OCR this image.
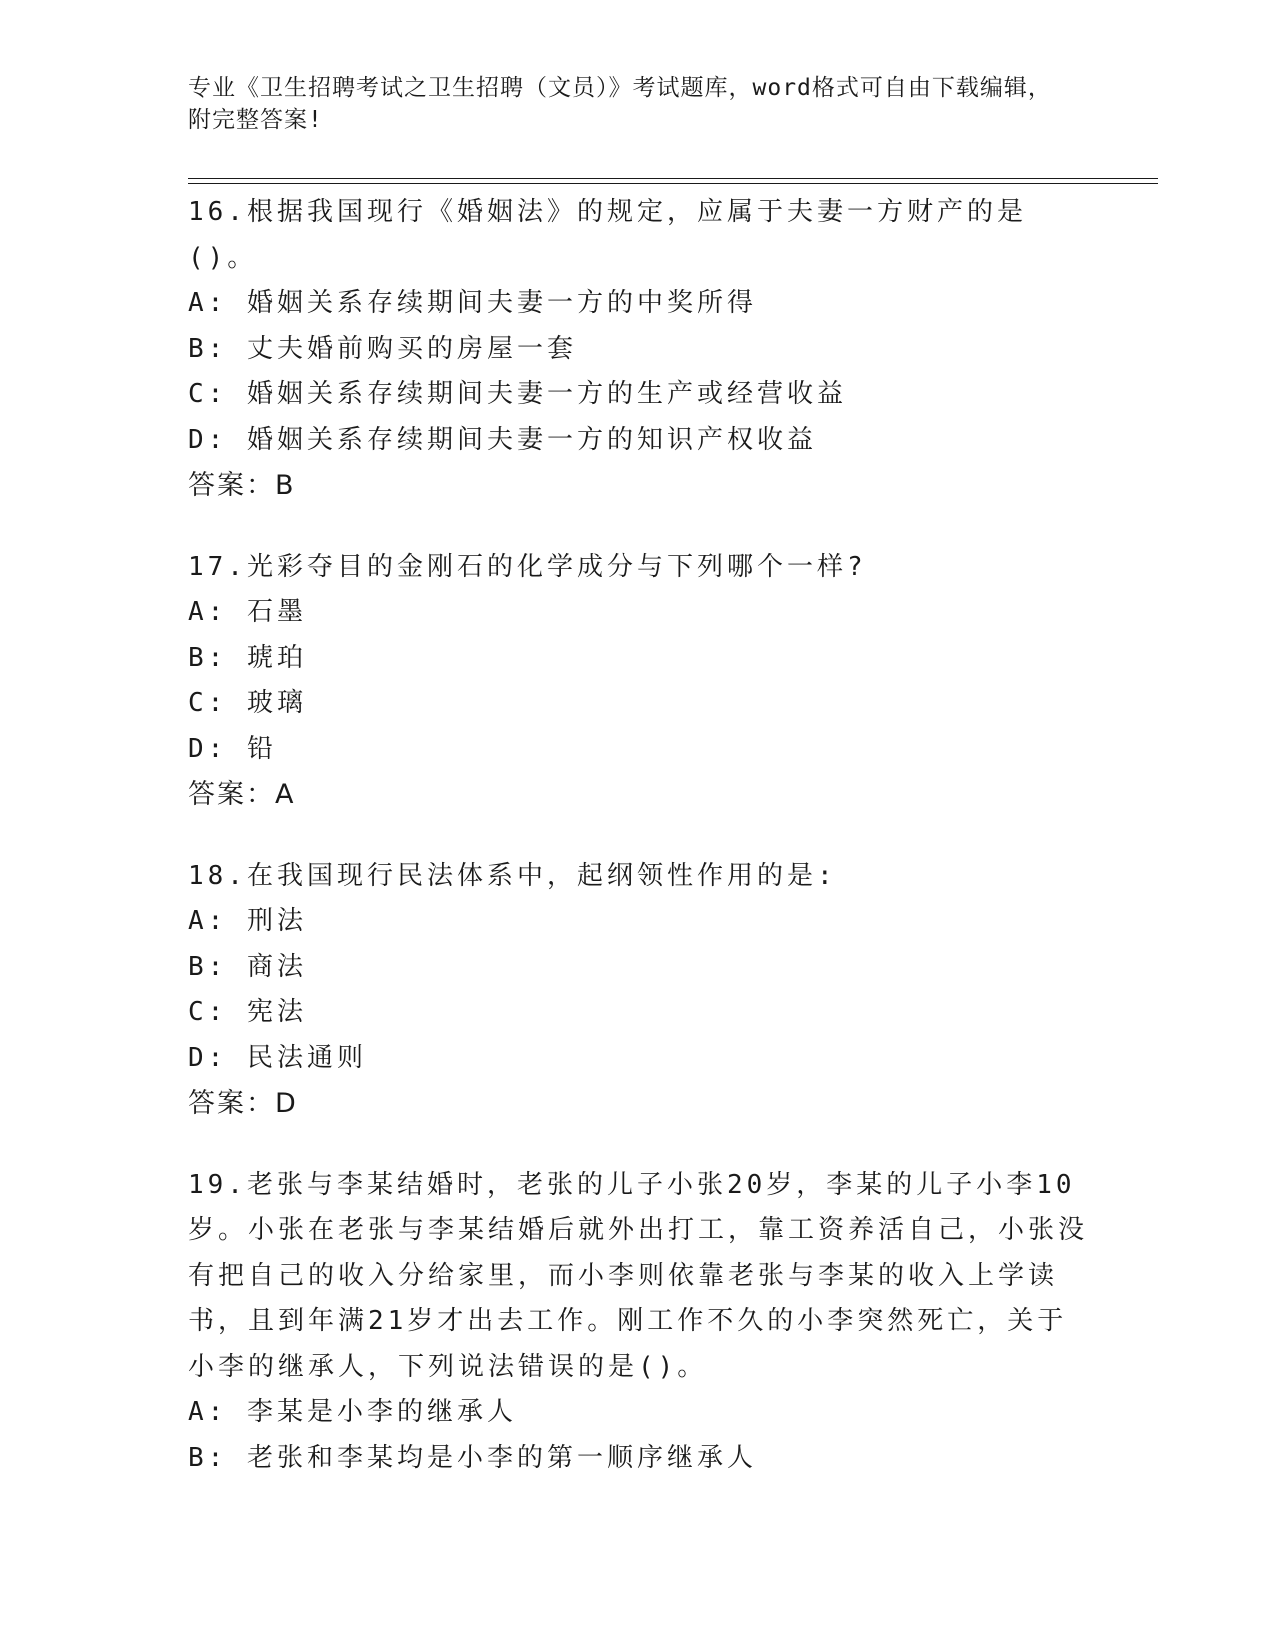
专业《卫生招聘考试之卫生招聘（文员）》考试题库，word格式可自由下载编辑，附完整答案!
16.根据我国现行《婚姻法》的规定，应属于夫妻一方财产的是()。
A: 婚姻关系存续期间夫妻一方的中奖所得
B: 丈夫婚前购买的房屋一套
C: 婚姻关系存续期间夫妻一方的生产或经营收益
D: 婚姻关系存续期间夫妻一方的知识产权收益
答案：B
17.光彩夺目的金刚石的化学成分与下列哪个一样?
A: 石墨
B: 琥珀
C: 玻璃
D: 铅
答案：A
18.在我国现行民法体系中，起纲领性作用的是:
A: 刑法
B: 商法
C: 宪法
D: 民法通则
答案：D
19.老张与李某结婚时，老张的儿子小张20岁，李某的儿子小李10岁。小张在老张与李某结婚后就外出打工，靠工资养活自己，小张没有把自己的收入分给家里，而小李则依靠老张与李某的收入上学读书，且到年满21岁才出去工作。刚工作不久的小李突然死亡，关于小李的继承人，下列说法错误的是()。
A: 李某是小李的继承人
B: 老张和李某均是小李的第一顺序继承人
